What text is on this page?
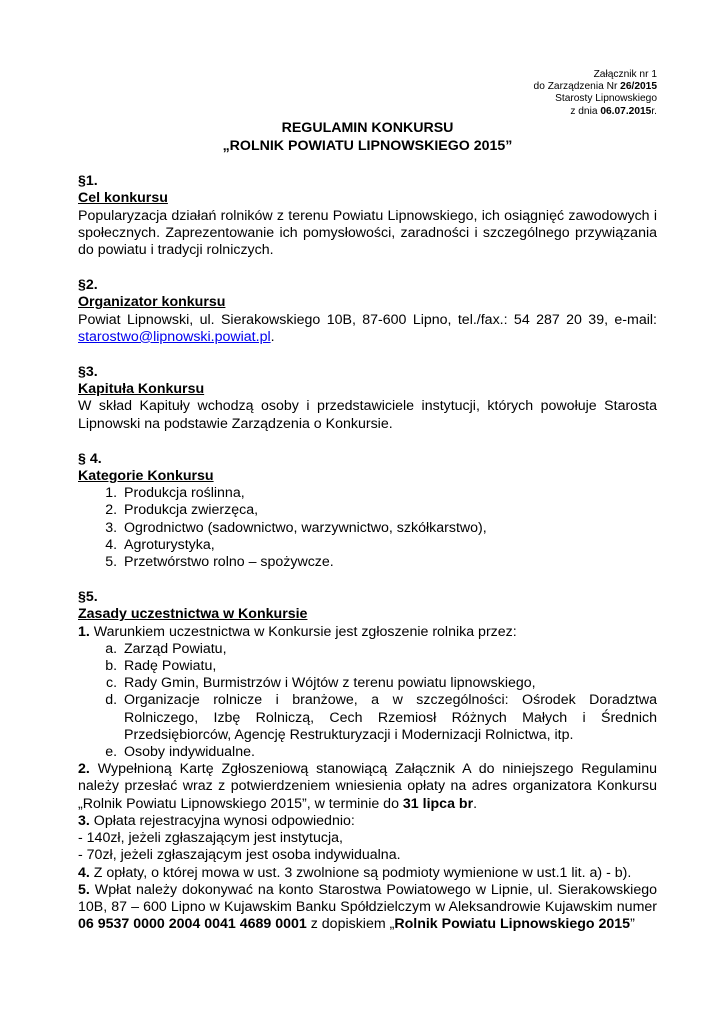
Załącznik nr 1
do Zarządzenia Nr 26/2015
Starosty Lipnowskiego
z dnia 06.07.2015r.
REGULAMIN KONKURSU
„ROLNIK POWIATU LIPNOWSKIEGO 2015”
§1.
Cel konkursu
Popularyzacja działań rolników z terenu Powiatu Lipnowskiego, ich osiągnięć zawodowych i społecznych. Zaprezentowanie ich pomysłowości, zaradności i szczególnego przywiązania do powiatu i tradycji rolniczych.
§2.
Organizator konkursu
Powiat Lipnowski, ul. Sierakowskiego 10B, 87-600 Lipno, tel./fax.: 54 287 20 39, e-mail: starostwo@lipnowski.powiat.pl.
§3.
Kapituła Konkursu
W skład Kapituły wchodzą osoby i przedstawiciele instytucji, których powołuje Starosta Lipnowski na podstawie Zarządzenia o Konkursie.
§ 4.
Kategorie Konkursu
1. Produkcja roślinna,
2. Produkcja zwierzęca,
3. Ogrodnictwo (sadownictwo, warzywnictwo, szkółkarstwo),
4. Agroturystyka,
5. Przetwórstwo rolno – spożywcze.
§5.
Zasady uczestnictwa w Konkursie
1. Warunkiem uczestnictwa w Konkursie jest zgłoszenie rolnika przez:
a. Zarząd Powiatu,
b. Radę Powiatu,
c. Rady Gmin, Burmistrzów i Wójtów z terenu powiatu lipnowskiego,
d. Organizacje rolnicze i branżowe, a w szczególności: Ośrodek Doradztwa Rolniczego, Izbę Rolniczą, Cech Rzemiosł Różnych Małych i Średnich Przedsiębiorców, Agencję Restrukturyzacji i Modernizacji Rolnictwa, itp.
e. Osoby indywidualne.
2. Wypełnioną Kartę Zgłoszeniową stanowiącą Załącznik A do niniejszego Regulaminu należy przesłać wraz z potwierdzeniem wniesienia opłaty na adres organizatora Konkursu „Rolnik Powiatu Lipnowskiego 2015”, w terminie do 31 lipca br.
3. Opłata rejestracyjna wynosi odpowiednio:
- 140zł, jeżeli zgłaszającym jest instytucja,
- 70zł, jeżeli zgłaszającym jest osoba indywidualna.
4. Z opłaty, o której mowa w ust. 3 zwolnione są podmioty wymienione w ust.1 lit. a) - b).
5. Wpłat należy dokonywać na konto Starostwa Powiatowego w Lipnie, ul. Sierakowskiego 10B, 87 – 600 Lipno w Kujawskim Banku Spółdzielczym w Aleksandrowie Kujawskim numer 06 9537 0000 2004 0041 4689 0001 z dopiskiem „Rolnik Powiatu Lipnowskiego 2015”
